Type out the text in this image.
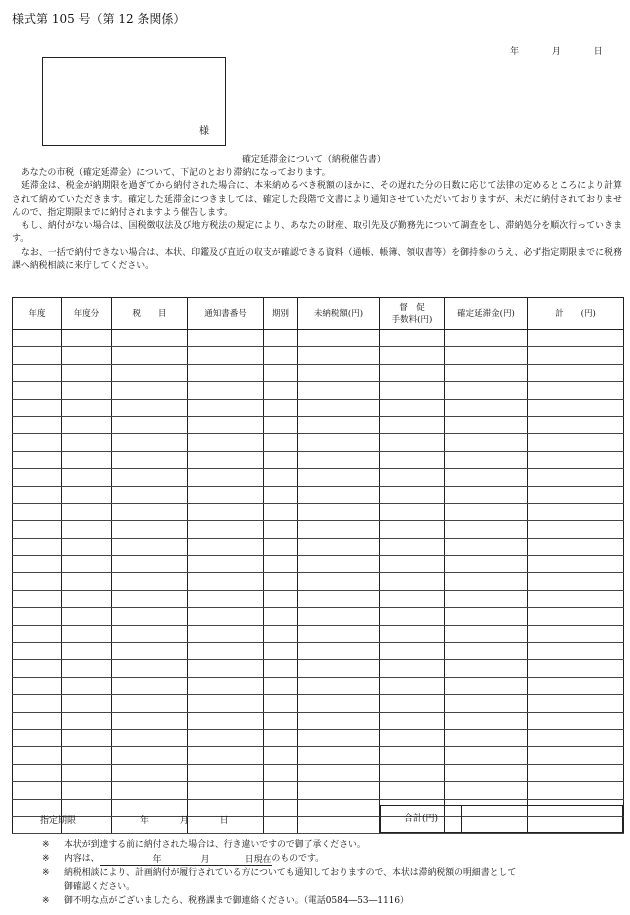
様式第 105 号（第 12 条関係）
年	月	日
様
確定延滞金について（納税催告書）

あなたの市税（確定延滞金）について、下記のとおり滞納になっております。

延滞金は、税金が納期限を過ぎてから納付された場合に、本来納めるべき税額のほかに、その遅れた分の日数に応じて法律の定めるところにより計算されて納めていただきます。確定した延滞金につきましては、確定した段階で文書により通知させていただいておりますが、未だに納付されておりませんので、指定期限までに納付されますよう催告します。

もし、納付がない場合は、国税徴収法及び地方税法の規定により、あなたの財産、取引先及び勤務先について調査をし、滞納処分を順次行っていきます。

なお、一括で納付できない場合は、本状、印鑑及び直近の収支が確認できる資料（通帳、帳簿、領収書等）を御持参のうえ、必ず指定期限までに税務課へ納税相談に来庁してください。

年度	年度分	税　　目	通知書番号	期別	未納税額(円)	督　促
手数料(円)	確定延滞金(円)	計　　(円)

指定期限	年	月	日	合計(円)
※ 本状が到達する前に納付された場合は、行き違いですので御了承ください。
※ 内容は、	年	月	日現在のものです。
※ 納税相談により、計画納付が履行されている方についても通知しておりますので、本状は滞納税額の明細書として
御確認ください。
※ 御不明な点がございましたら、税務課まで御連絡ください。（電話0584―53―1116）
